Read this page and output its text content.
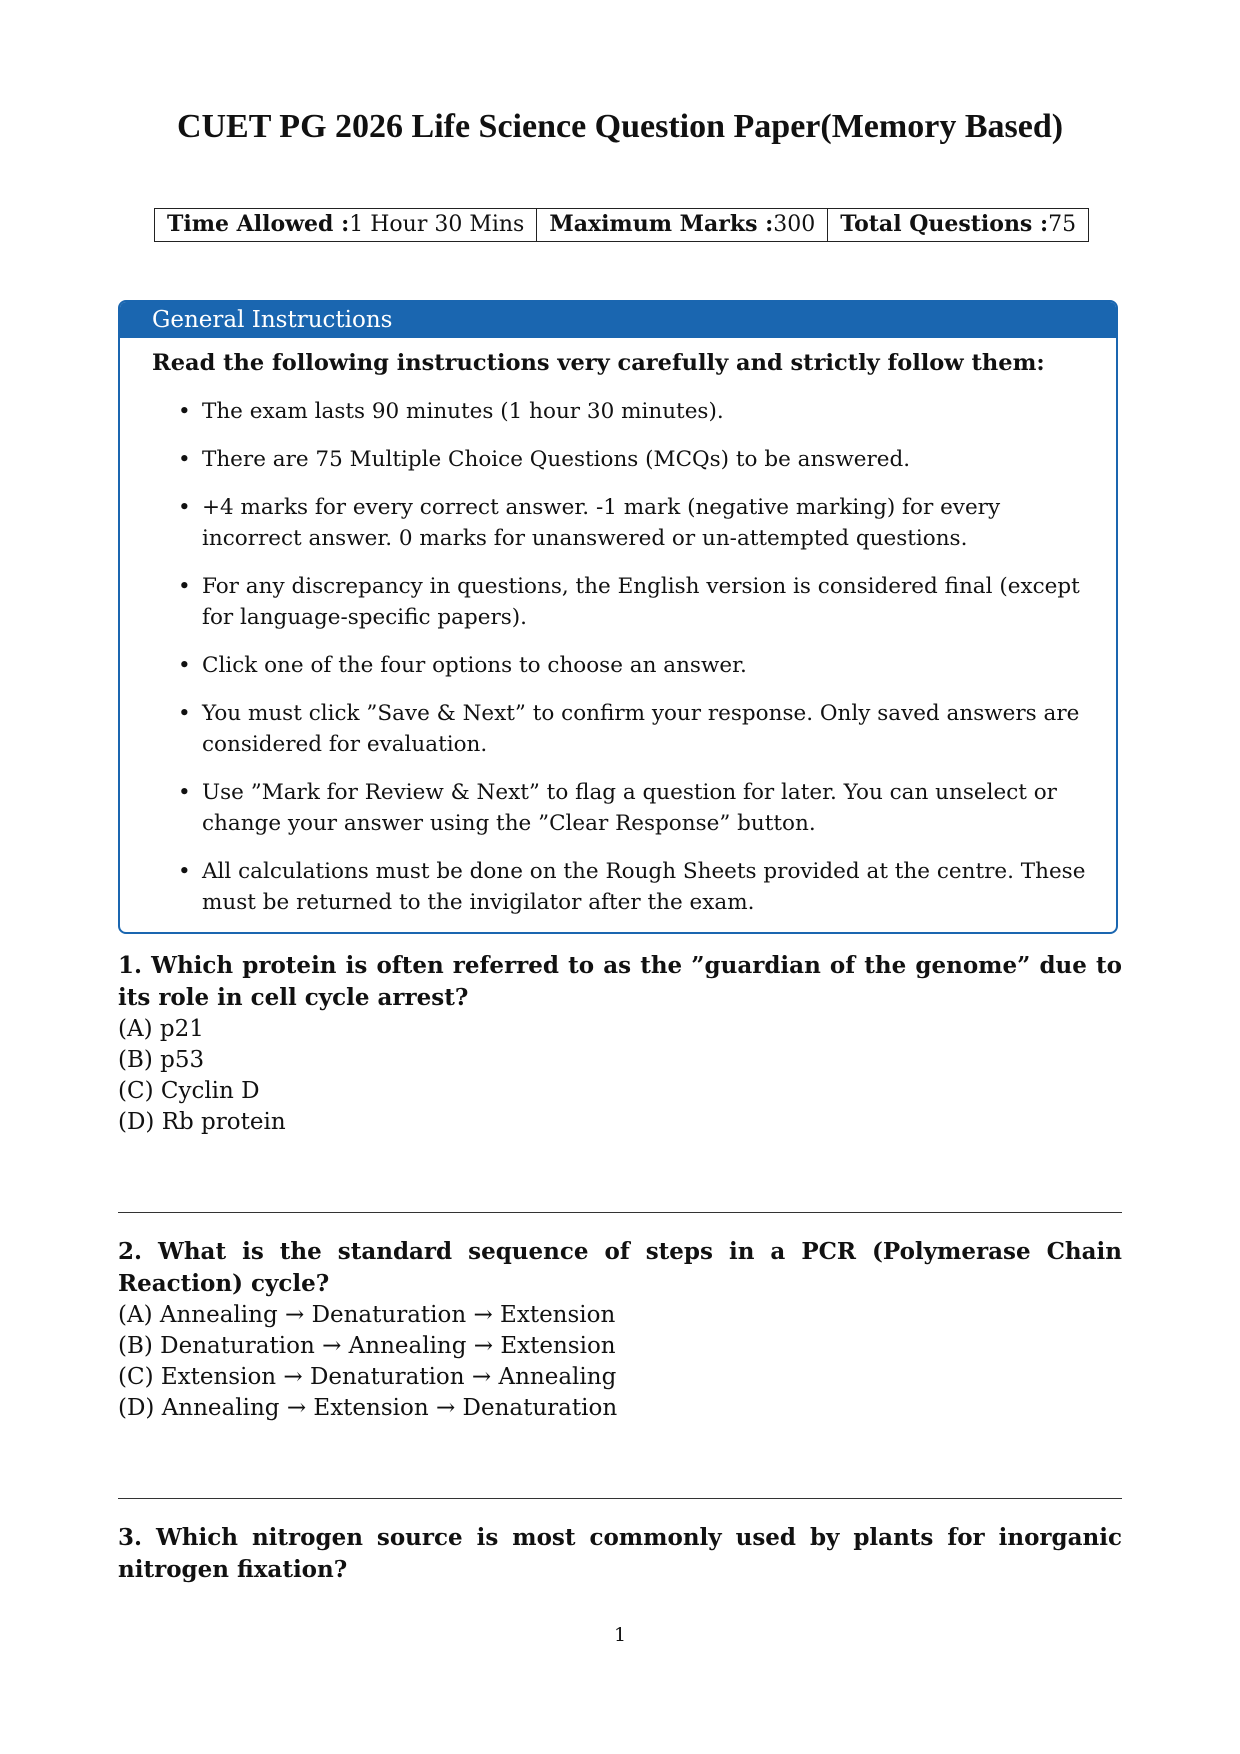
CUET PG 2026 Life Science Question Paper(Memory Based)
Time Allowed :1 Hour 30 Mins	Maximum Marks :300	Total Questions :75
General Instructions
Read the following instructions very carefully and strictly follow them:
• The exam lasts 90 minutes (1 hour 30 minutes).
• There are 75 Multiple Choice Questions (MCQs) to be answered.
• +4 marks for every correct answer. -1 mark (negative marking) for every incorrect answer. 0 marks for unanswered or un-attempted questions.
• For any discrepancy in questions, the English version is considered final (except for language-specific papers).
• Click one of the four options to choose an answer.
• You must click ”Save & Next” to confirm your response. Only saved answers are considered for evaluation.
• Use ”Mark for Review & Next” to flag a question for later. You can unselect or change your answer using the ”Clear Response” button.
• All calculations must be done on the Rough Sheets provided at the centre. These must be returned to the invigilator after the exam.

1. Which protein is often referred to as the ”guardian of the genome” due to its role in cell cycle arrest?

(A) p21
(B) p53
(C) Cyclin D
(D) Rb protein

2. What is the standard sequence of steps in a PCR (Polymerase Chain Reaction) cycle?

(A) Annealing → Denaturation → Extension
(B) Denaturation → Annealing → Extension
(C) Extension → Denaturation → Annealing
(D) Annealing → Extension → Denaturation

3. Which nitrogen source is most commonly used by plants for inorganic nitrogen fixation?

1
